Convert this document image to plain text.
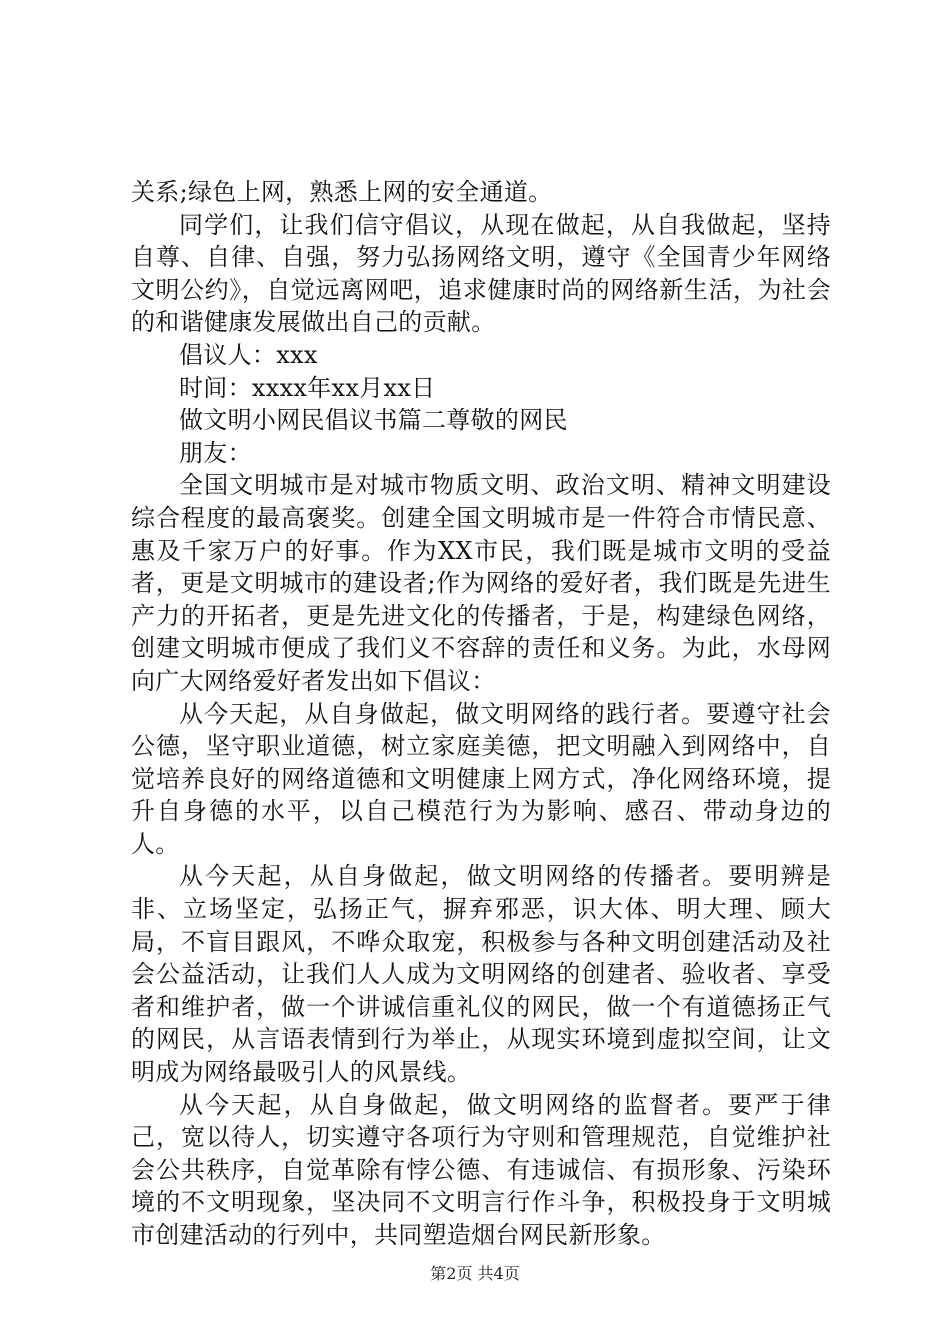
关系;绿色上网，熟悉上网的安全通道。

同学们，让我们信守倡议，从现在做起，从自我做起，坚持自尊、自律、自强，努力弘扬网络文明，遵守《全国青少年网络文明公约》，自觉远离网吧，追求健康时尚的网络新生活，为社会的和谐健康发展做出自己的贡献。

倡议人：xxx

时间：xxxx年xx月xx日

做文明小网民倡议书篇二尊敬的网民

朋友：

全国文明城市是对城市物质文明、政治文明、精神文明建设综合程度的最高褒奖。创建全国文明城市是一件符合市情民意、惠及千家万户的好事。作为XX市民，我们既是城市文明的受益者，更是文明城市的建设者;作为网络的爱好者，我们既是先进生产力的开拓者，更是先进文化的传播者，于是，构建绿色网络，创建文明城市便成了我们义不容辞的责任和义务。为此，水母网向广大网络爱好者发出如下倡议：

从今天起，从自身做起，做文明网络的践行者。要遵守社会公德，坚守职业道德，树立家庭美德，把文明融入到网络中，自觉培养良好的网络道德和文明健康上网方式，净化网络环境，提升自身德的水平，以自己模范行为为影响、感召、带动身边的人。

从今天起，从自身做起，做文明网络的传播者。要明辨是非、立场坚定，弘扬正气，摒弃邪恶，识大体、明大理、顾大局，不盲目跟风，不哗众取宠，积极参与各种文明创建活动及社会公益活动，让我们人人成为文明网络的创建者、验收者、享受者和维护者，做一个讲诚信重礼仪的网民，做一个有道德扬正气的网民，从言语表情到行为举止，从现实环境到虚拟空间，让文明成为网络最吸引人的风景线。

从今天起，从自身做起，做文明网络的监督者。要严于律己，宽以待人，切实遵守各项行为守则和管理规范，自觉维护社会公共秩序，自觉革除有悖公德、有违诚信、有损形象、污染环境的不文明现象，坚决同不文明言行作斗争，积极投身于文明城市创建活动的行列中，共同塑造烟台网民新形象。

第2页 共4页
